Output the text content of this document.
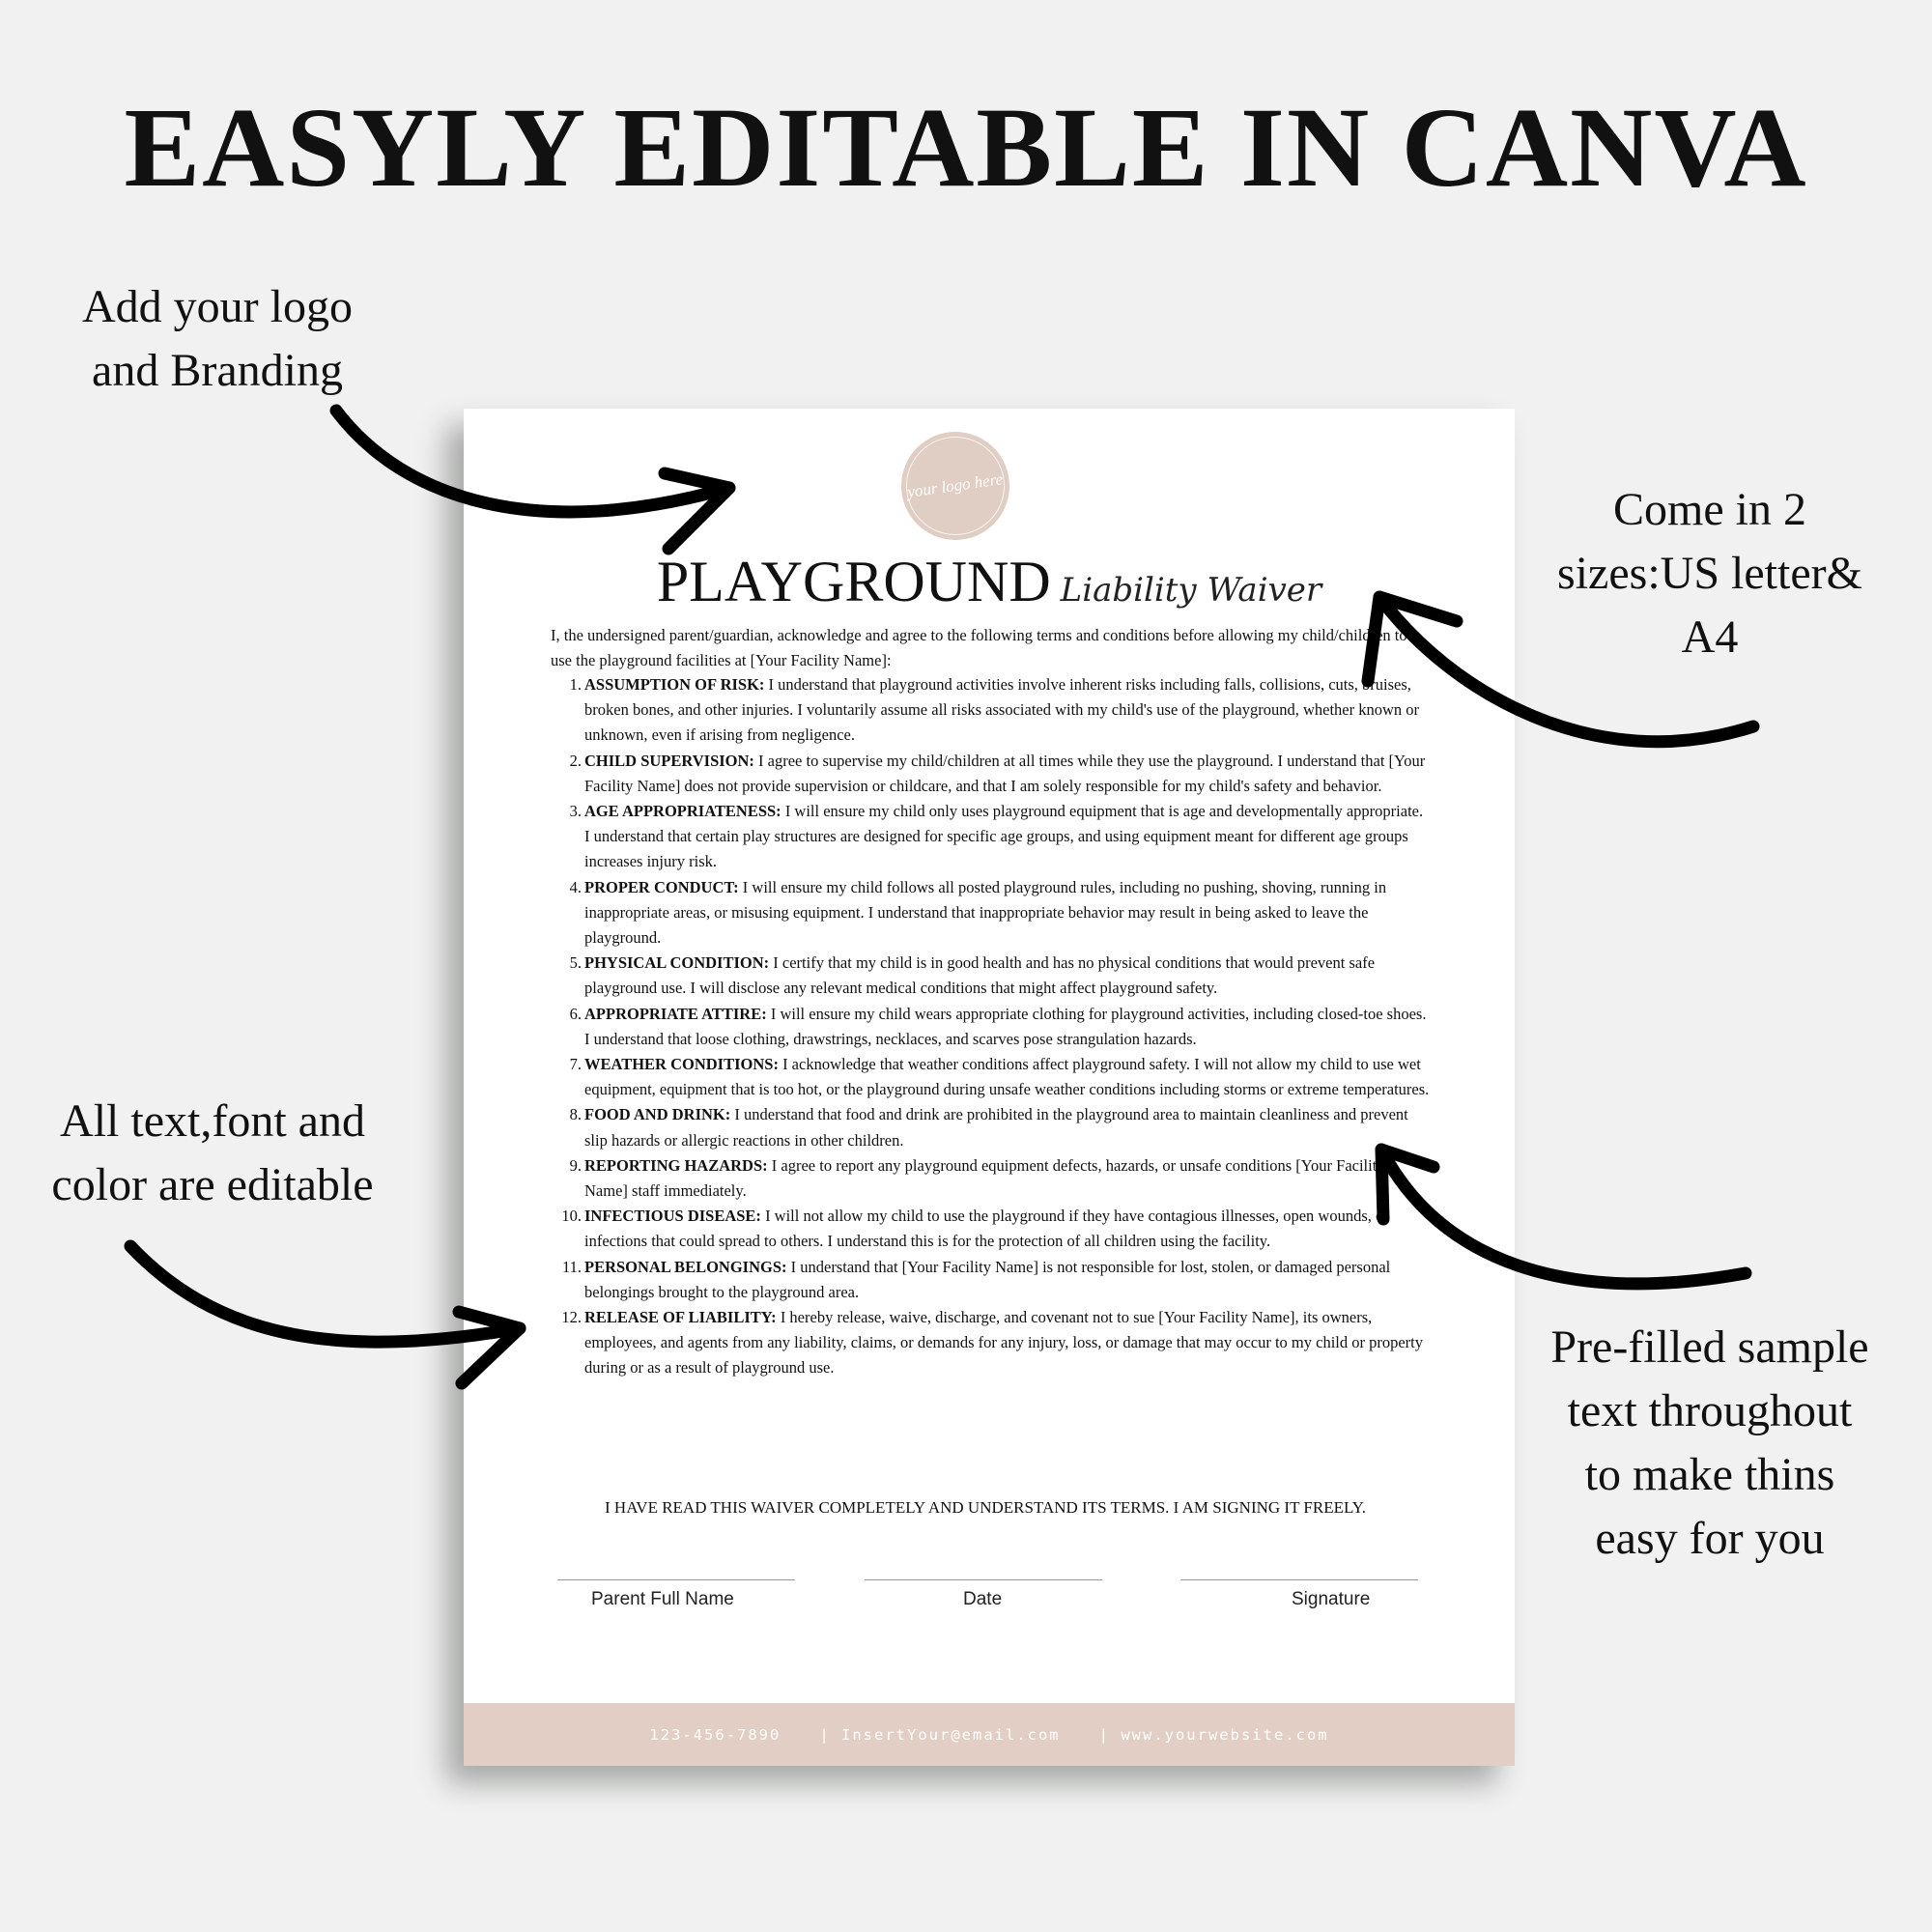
EASYLY EDITABLE IN CANVA
Add your logo
and Branding
Come in 2
sizes:US letter&
A4
All text,font and
color are editable
Pre-filled sample
text throughout
to make thins
easy for you
your logo here
PLAYGROUND Liability Waiver

I, the undersigned parent/guardian, acknowledge and agree to the following terms and conditions before allowing my child/children to use the playground facilities at [Your Facility Name]:

1. ASSUMPTION OF RISK: I understand that playground activities involve inherent risks including falls, collisions, cuts, bruises, broken bones, and other injuries. I voluntarily assume all risks associated with my child's use of the playground, whether known or unknown, even if arising from negligence.
2. CHILD SUPERVISION: I agree to supervise my child/children at all times while they use the playground. I understand that [Your Facility Name] does not provide supervision or childcare, and that I am solely responsible for my child's safety and behavior.
3. AGE APPROPRIATENESS: I will ensure my child only uses playground equipment that is age and developmentally appropriate. I understand that certain play structures are designed for specific age groups, and using equipment meant for different age groups increases injury risk.
4. PROPER CONDUCT: I will ensure my child follows all posted playground rules, including no pushing, shoving, running in inappropriate areas, or misusing equipment. I understand that inappropriate behavior may result in being asked to leave the playground.
5. PHYSICAL CONDITION: I certify that my child is in good health and has no physical conditions that would prevent safe playground use. I will disclose any relevant medical conditions that might affect playground safety.
6. APPROPRIATE ATTIRE: I will ensure my child wears appropriate clothing for playground activities, including closed-toe shoes. I understand that loose clothing, drawstrings, necklaces, and scarves pose strangulation hazards.
7. WEATHER CONDITIONS: I acknowledge that weather conditions affect playground safety. I will not allow my child to use wet equipment, equipment that is too hot, or the playground during unsafe weather conditions including storms or extreme temperatures.
8. FOOD AND DRINK: I understand that food and drink are prohibited in the playground area to maintain cleanliness and prevent slip hazards or allergic reactions in other children.
9. REPORTING HAZARDS: I agree to report any playground equipment defects, hazards, or unsafe conditions [Your Facility Name] staff immediately.
10. INFECTIOUS DISEASE: I will not allow my child to use the playground if they have contagious illnesses, open wounds, or infections that could spread to others. I understand this is for the protection of all children using the facility.
11. PERSONAL BELONGINGS: I understand that [Your Facility Name] is not responsible for lost, stolen, or damaged personal belongings brought to the playground area.
12. RELEASE OF LIABILITY: I hereby release, waive, discharge, and covenant not to sue [Your Facility Name], its owners, employees, and agents from any liability, claims, or demands for any injury, loss, or damage that may occur to my child or property during or as a result of playground use.

I HAVE READ THIS WAIVER COMPLETELY AND UNDERSTAND ITS TERMS. I AM SIGNING IT FREELY.

Parent Full Name	Date	Signature
123-456-7890	| InsertYour@email.com	| www.yourwebsite.com
